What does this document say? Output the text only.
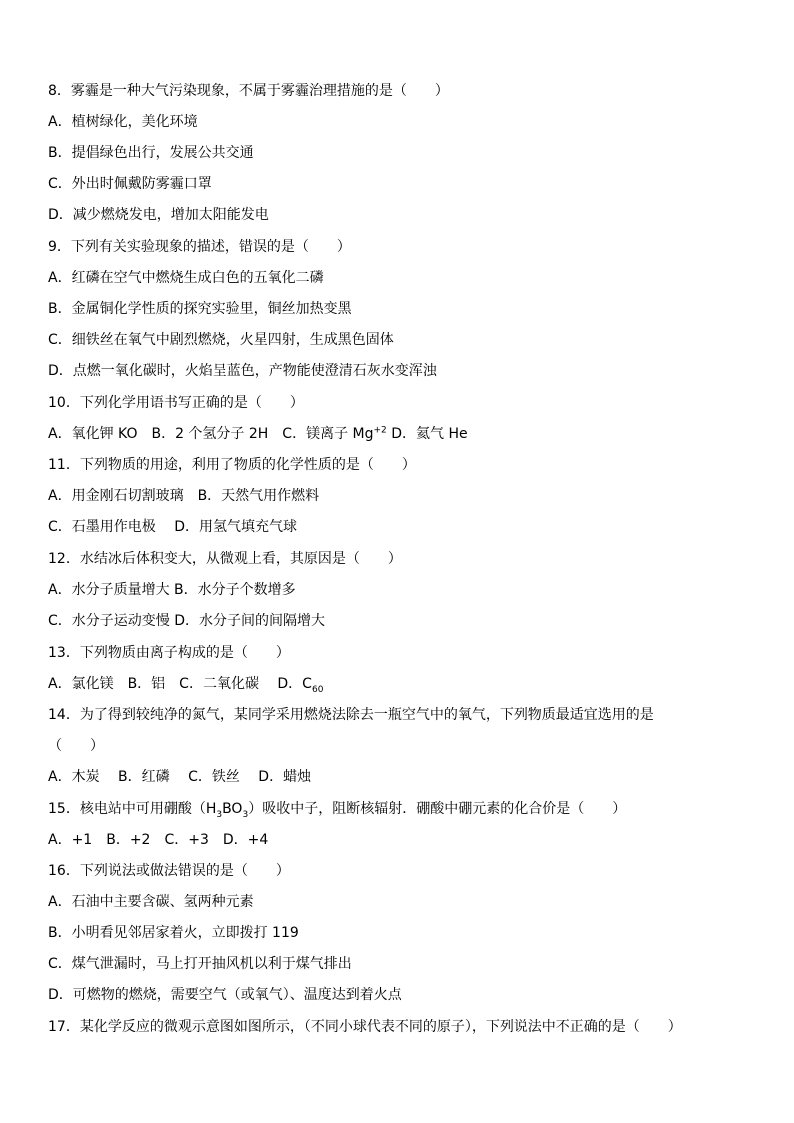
8．雾霾是一种大气污染现象，不属于雾霾治理措施的是（　　）
A．植树绿化，美化环境
B．提倡绿色出行，发展公共交通
C．外出时佩戴防雾霾口罩
D．减少燃烧发电，增加太阳能发电
9．下列有关实验现象的描述，错误的是（　　）
A．红磷在空气中燃烧生成白色的五氧化二磷
B．金属铜化学性质的探究实验里，铜丝加热变黑
C．细铁丝在氧气中剧烈燃烧，火星四射，生成黑色固体
D．点燃一氧化碳时，火焰呈蓝色，产物能使澄清石灰水变浑浊
10．下列化学用语书写正确的是（　　）
A．氧化钾 KO　B．2 个氢分子 2H　C．镁离子 $Mg^{+2}$ D．氦气 He
11．下列物质的用途，利用了物质的化学性质的是（　　）
A．用金刚石切割玻璃　B．天然气用作燃料
C．石墨用作电极　 D．用氢气填充气球
12．水结冰后体积变大，从微观上看，其原因是（　　）
A．水分子质量增大 B．水分子个数增多
C．水分子运动变慢 D．水分子间的间隔增大
13．下列物质由离子构成的是（　　）
A．氯化镁　B．铝　C．二氧化碳　 D．$C_{60}$
14．为了得到较纯净的氮气，某同学采用燃烧法除去一瓶空气中的氧气，下列物质最适宜选用的是
（　　）
A．木炭　 B．红磷　 C．铁丝　 D．蜡烛
15．核电站中可用硼酸$(H_3BO_3)$吸收中子，阻断核辐射．硼酸中硼元素的化合价是（　　）
A．+1　B．+2　C．+3　D．+4
16．下列说法或做法错误的是（　　）
A．石油中主要含碳、氢两种元素
B．小明看见邻居家着火，立即拨打 119
C．煤气泄漏时，马上打开抽风机以利于煤气排出
D．可燃物的燃烧，需要空气（或氧气）、温度达到着火点
17．某化学反应的微观示意图如图所示，（不同小球代表不同的原子），下列说法中不正确的是（　　）
